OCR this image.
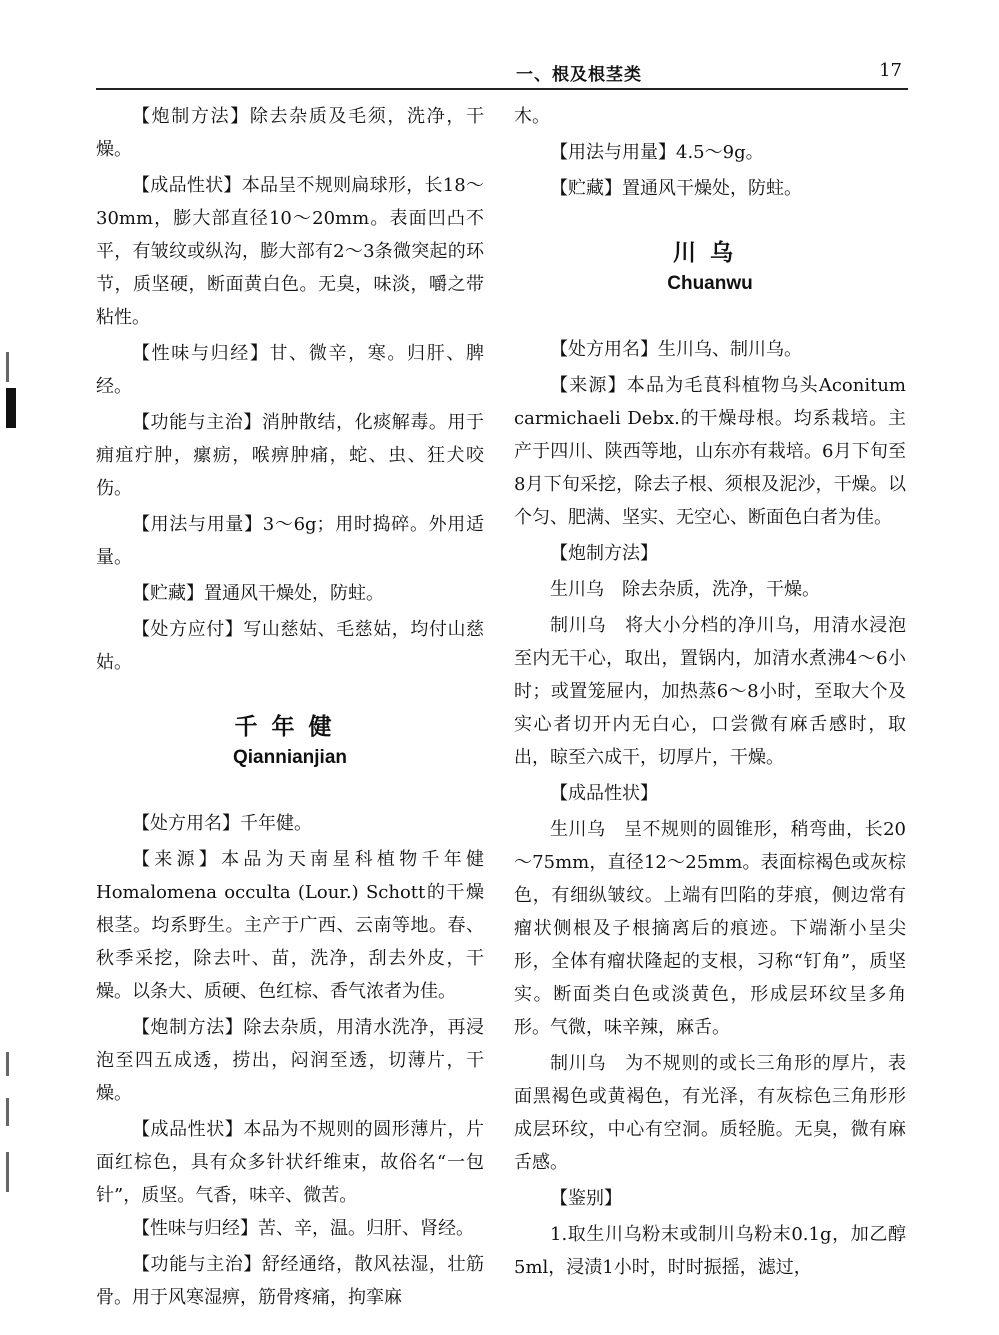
一、根及根茎类	17

【炮制方法】除去杂质及毛须，洗净，干燥。

【成品性状】本品呈不规则扁球形，长18～30mm，膨大部直径10～20mm。表面凹凸不平，有皱纹或纵沟，膨大部有2～3条微突起的环节，质坚硬，断面黄白色。无臭，味淡，嚼之带粘性。

【性味与归经】甘、微辛，寒。归肝、脾经。

【功能与主治】消肿散结，化痰解毒。用于痈疽疔肿，瘰疬，喉痹肿痛，蛇、虫、狂犬咬伤。

【用法与用量】3～6g；用时捣碎。外用适量。

【贮藏】置通风干燥处，防蛀。

【处方应付】写山慈姑、毛慈姑，均付山慈姑。

千年健
Qiannianjian

【处方用名】千年健。

【来源】本品为天南星科植物千年健Homalomena occulta (Lour.) Schott的干燥根茎。均系野生。主产于广西、云南等地。春、秋季采挖，除去叶、苗，洗净，刮去外皮，干燥。以条大、质硬、色红棕、香气浓者为佳。

【炮制方法】除去杂质，用清水洗净，再浸泡至四五成透，捞出，闷润至透，切薄片，干燥。

【成品性状】本品为不规则的圆形薄片，片面红棕色，具有众多针状纤维束，故俗名“一包针”，质坚。气香，味辛、微苦。

【性味与归经】苦、辛，温。归肝、肾经。

【功能与主治】舒经通络，散风祛湿，壮筋骨。用于风寒湿痹，筋骨疼痛，拘挛麻

木。

【用法与用量】4.5～9g。

【贮藏】置通风干燥处，防蛀。

川乌
Chuanwu

【处方用名】生川乌、制川乌。

【来源】本品为毛茛科植物乌头Aconitum carmichaeli Debx.的干燥母根。均系栽培。主产于四川、陕西等地，山东亦有栽培。6月下旬至8月下旬采挖，除去子根、须根及泥沙，干燥。以个匀、肥满、坚实、无空心、断面色白者为佳。

【炮制方法】

生川乌　除去杂质，洗净，干燥。

制川乌　将大小分档的净川乌，用清水浸泡至内无干心，取出，置锅内，加清水煮沸4～6小时；或置笼屉内，加热蒸6～8小时，至取大个及实心者切开内无白心，口尝微有麻舌感时，取出，晾至六成干，切厚片，干燥。

【成品性状】

生川乌　呈不规则的圆锥形，稍弯曲，长20～75mm，直径12～25mm。表面棕褐色或灰棕色，有细纵皱纹。上端有凹陷的芽痕，侧边常有瘤状侧根及子根摘离后的痕迹。下端渐小呈尖形，全体有瘤状隆起的支根，习称“钉角”，质坚实。断面类白色或淡黄色，形成层环纹呈多角形。气微，味辛辣，麻舌。

制川乌　为不规则的或长三角形的厚片，表面黑褐色或黄褐色，有光泽，有灰棕色三角形形成层环纹，中心有空洞。质轻脆。无臭，微有麻舌感。

【鉴别】

1.取生川乌粉末或制川乌粉末0.1g，加乙醇5ml，浸渍1小时，时时振摇，滤过，
